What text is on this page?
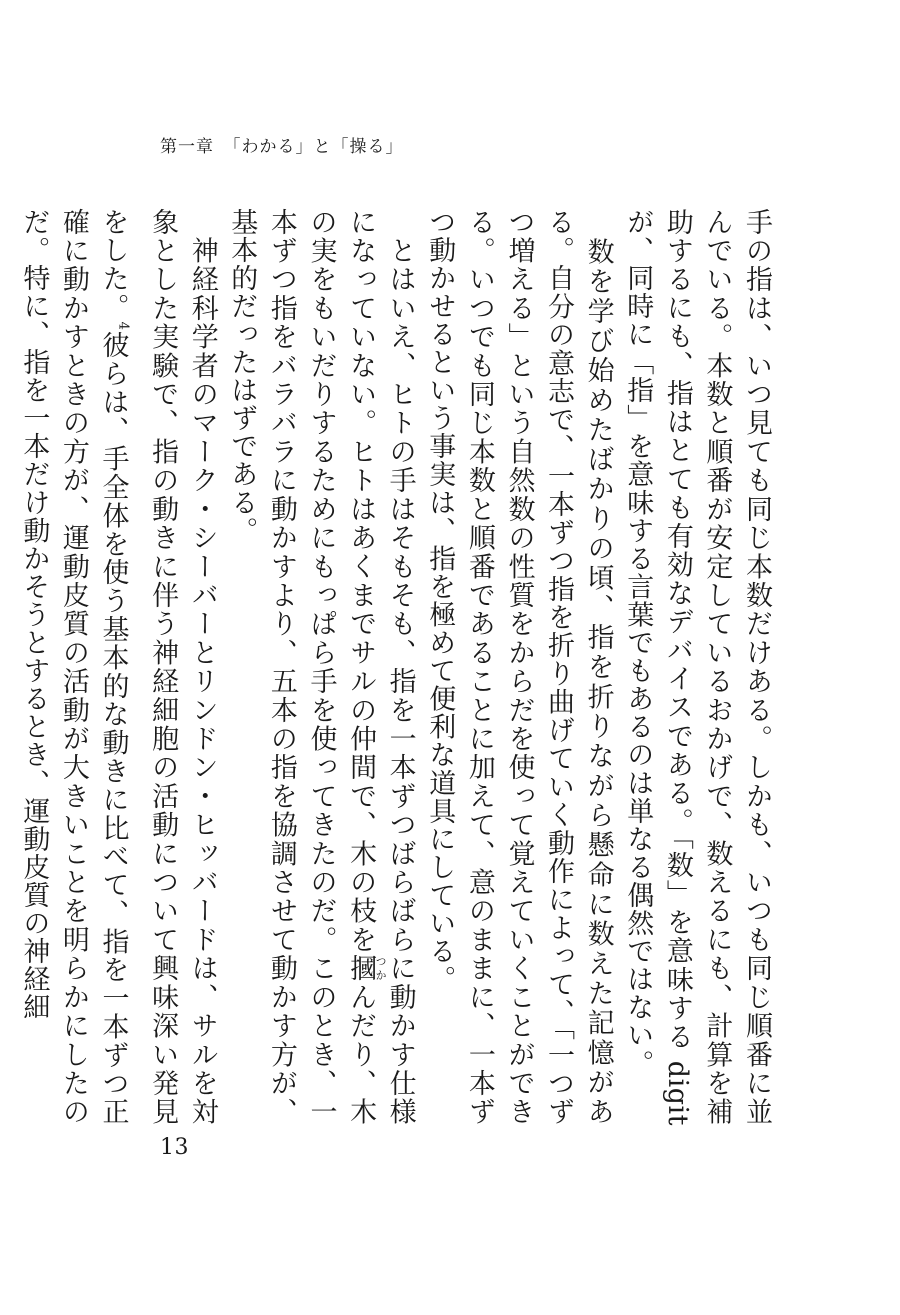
第一章　「わかる」と「操る」

手の指は、いつ見ても同じ本数だけある。しかも、いつも同じ順番に並んでいる。本数と順番が安定しているおかげで、数えるにも、計算を補助するにも、指はとても有効なデバイスである。「数」を意味する digit が、同時に「指」を意味する言葉でもあるのは単なる偶然ではない。

　数を学び始めたばかりの頃、指を折りながら懸命に数えた記憶がある。自分の意志で、一本ずつ指を折り曲げていく動作によって、「一つずつ増える」という自然数の性質をからだを使って覚えていくことができる。いつでも同じ本数と順番であることに加えて、意のままに、一本ずつ動かせるという事実は、指を極めて便利な道具にしている。

　とはいえ、ヒトの手はそもそも、指を一本ずつばらばらに動かす仕様になっていない。ヒトはあくまでサルの仲間で、木の枝を摑つかんだり、木の実をもいだりするためにもっぱら手を使ってきたのだ。このとき、一本ずつ指をバラバラに動かすより、五本の指を協調させて動かす方が、基本的だったはずである。

　神経科学者のマーク・シーバーとリンドン・ヒッバードは、サルを対象とした実験で、指の動きに伴う神経細胞の活動について興味深い発見をした。$^4$彼らは、手全体を使う基本的な動きに比べて、指を一本ずつ正確に動かすときの方が、運動皮質の活動が大きいことを明らかにしたのだ。特に、指を一本だけ動かそうとするとき、運動皮質の神経細

13
